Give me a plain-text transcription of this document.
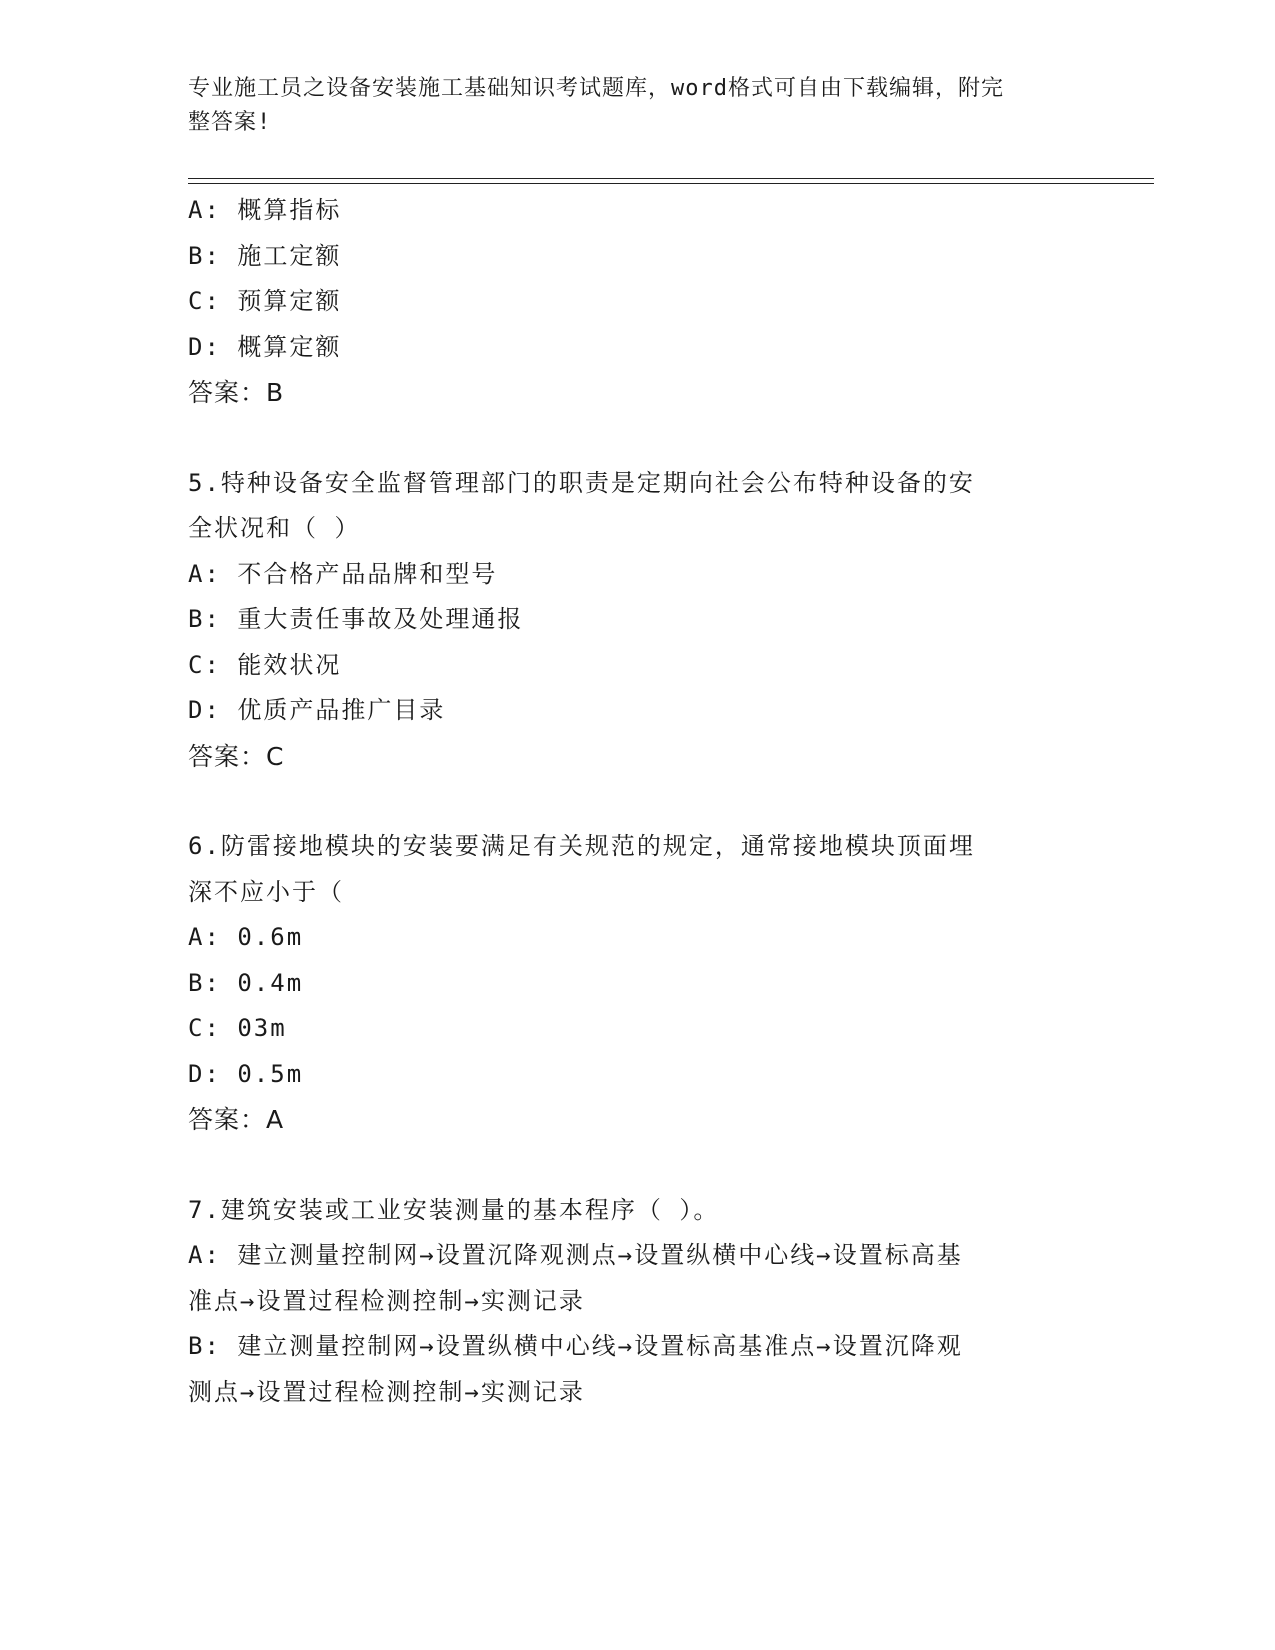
专业施工员之设备安装施工基础知识考试题库，word格式可自由下载编辑，附完
整答案!
A: 概算指标
B: 施工定额
C: 预算定额
D: 概算定额
答案：B
5.特种设备安全监督管理部门的职责是定期向社会公布特种设备的安
全状况和（ ）
A: 不合格产品品牌和型号
B: 重大责任事故及处理通报
C: 能效状况
D: 优质产品推广目录
答案：C
6.防雷接地模块的安装要满足有关规范的规定，通常接地模块顶面埋
深不应小于（
A: 0.6m
B: 0.4m
C: 03m
D: 0.5m
答案：A
7.建筑安装或工业安装测量的基本程序（ ）。
A: 建立测量控制网→设置沉降观测点→设置纵横中心线→设置标高基
准点→设置过程检测控制→实测记录
B: 建立测量控制网→设置纵横中心线→设置标高基准点→设置沉降观
测点→设置过程检测控制→实测记录
